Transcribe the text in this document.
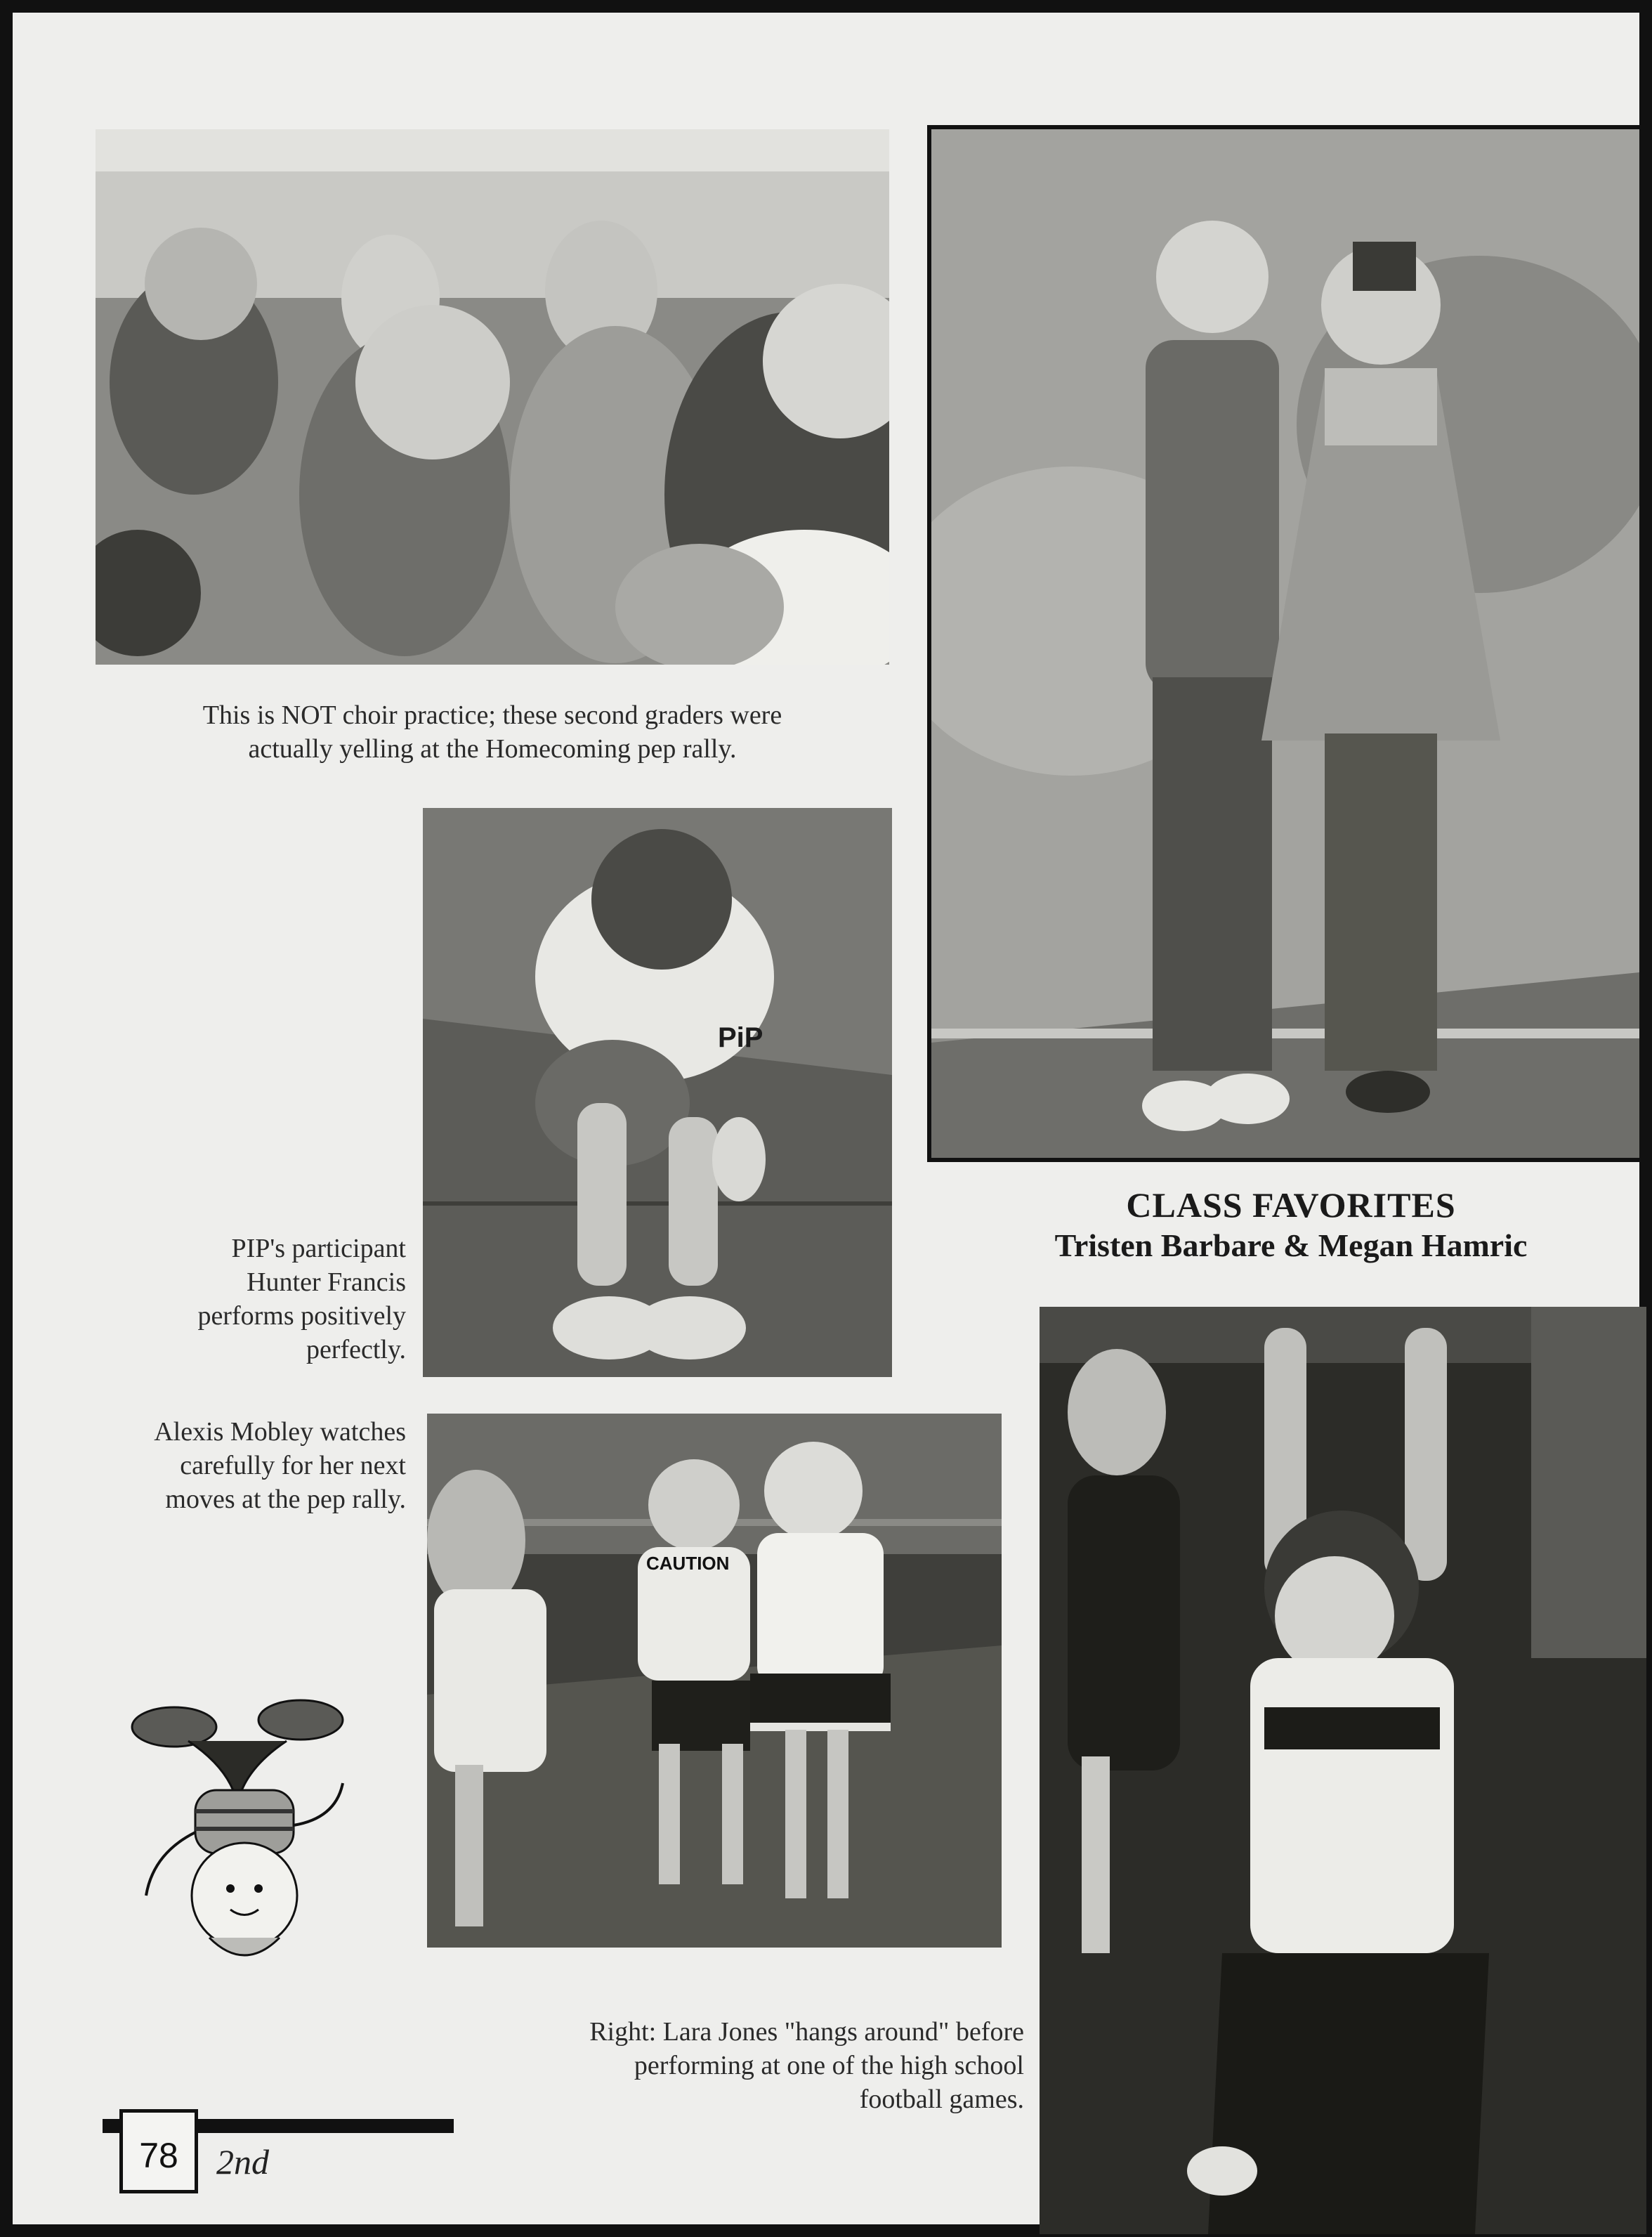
This is NOT choir practice; these second graders were
actually yelling at the Homecoming pep rally.
PiP
PIP's participant
Hunter Francis
performs positively
perfectly.
Alexis Mobley watches
carefully for her next
moves at the pep rally.
CLASS FAVORITES
Tristen Barbare & Megan Hamric
CAUTION
Right: Lara Jones "hangs around" before
performing at one of the high school
football games.
78	2nd
